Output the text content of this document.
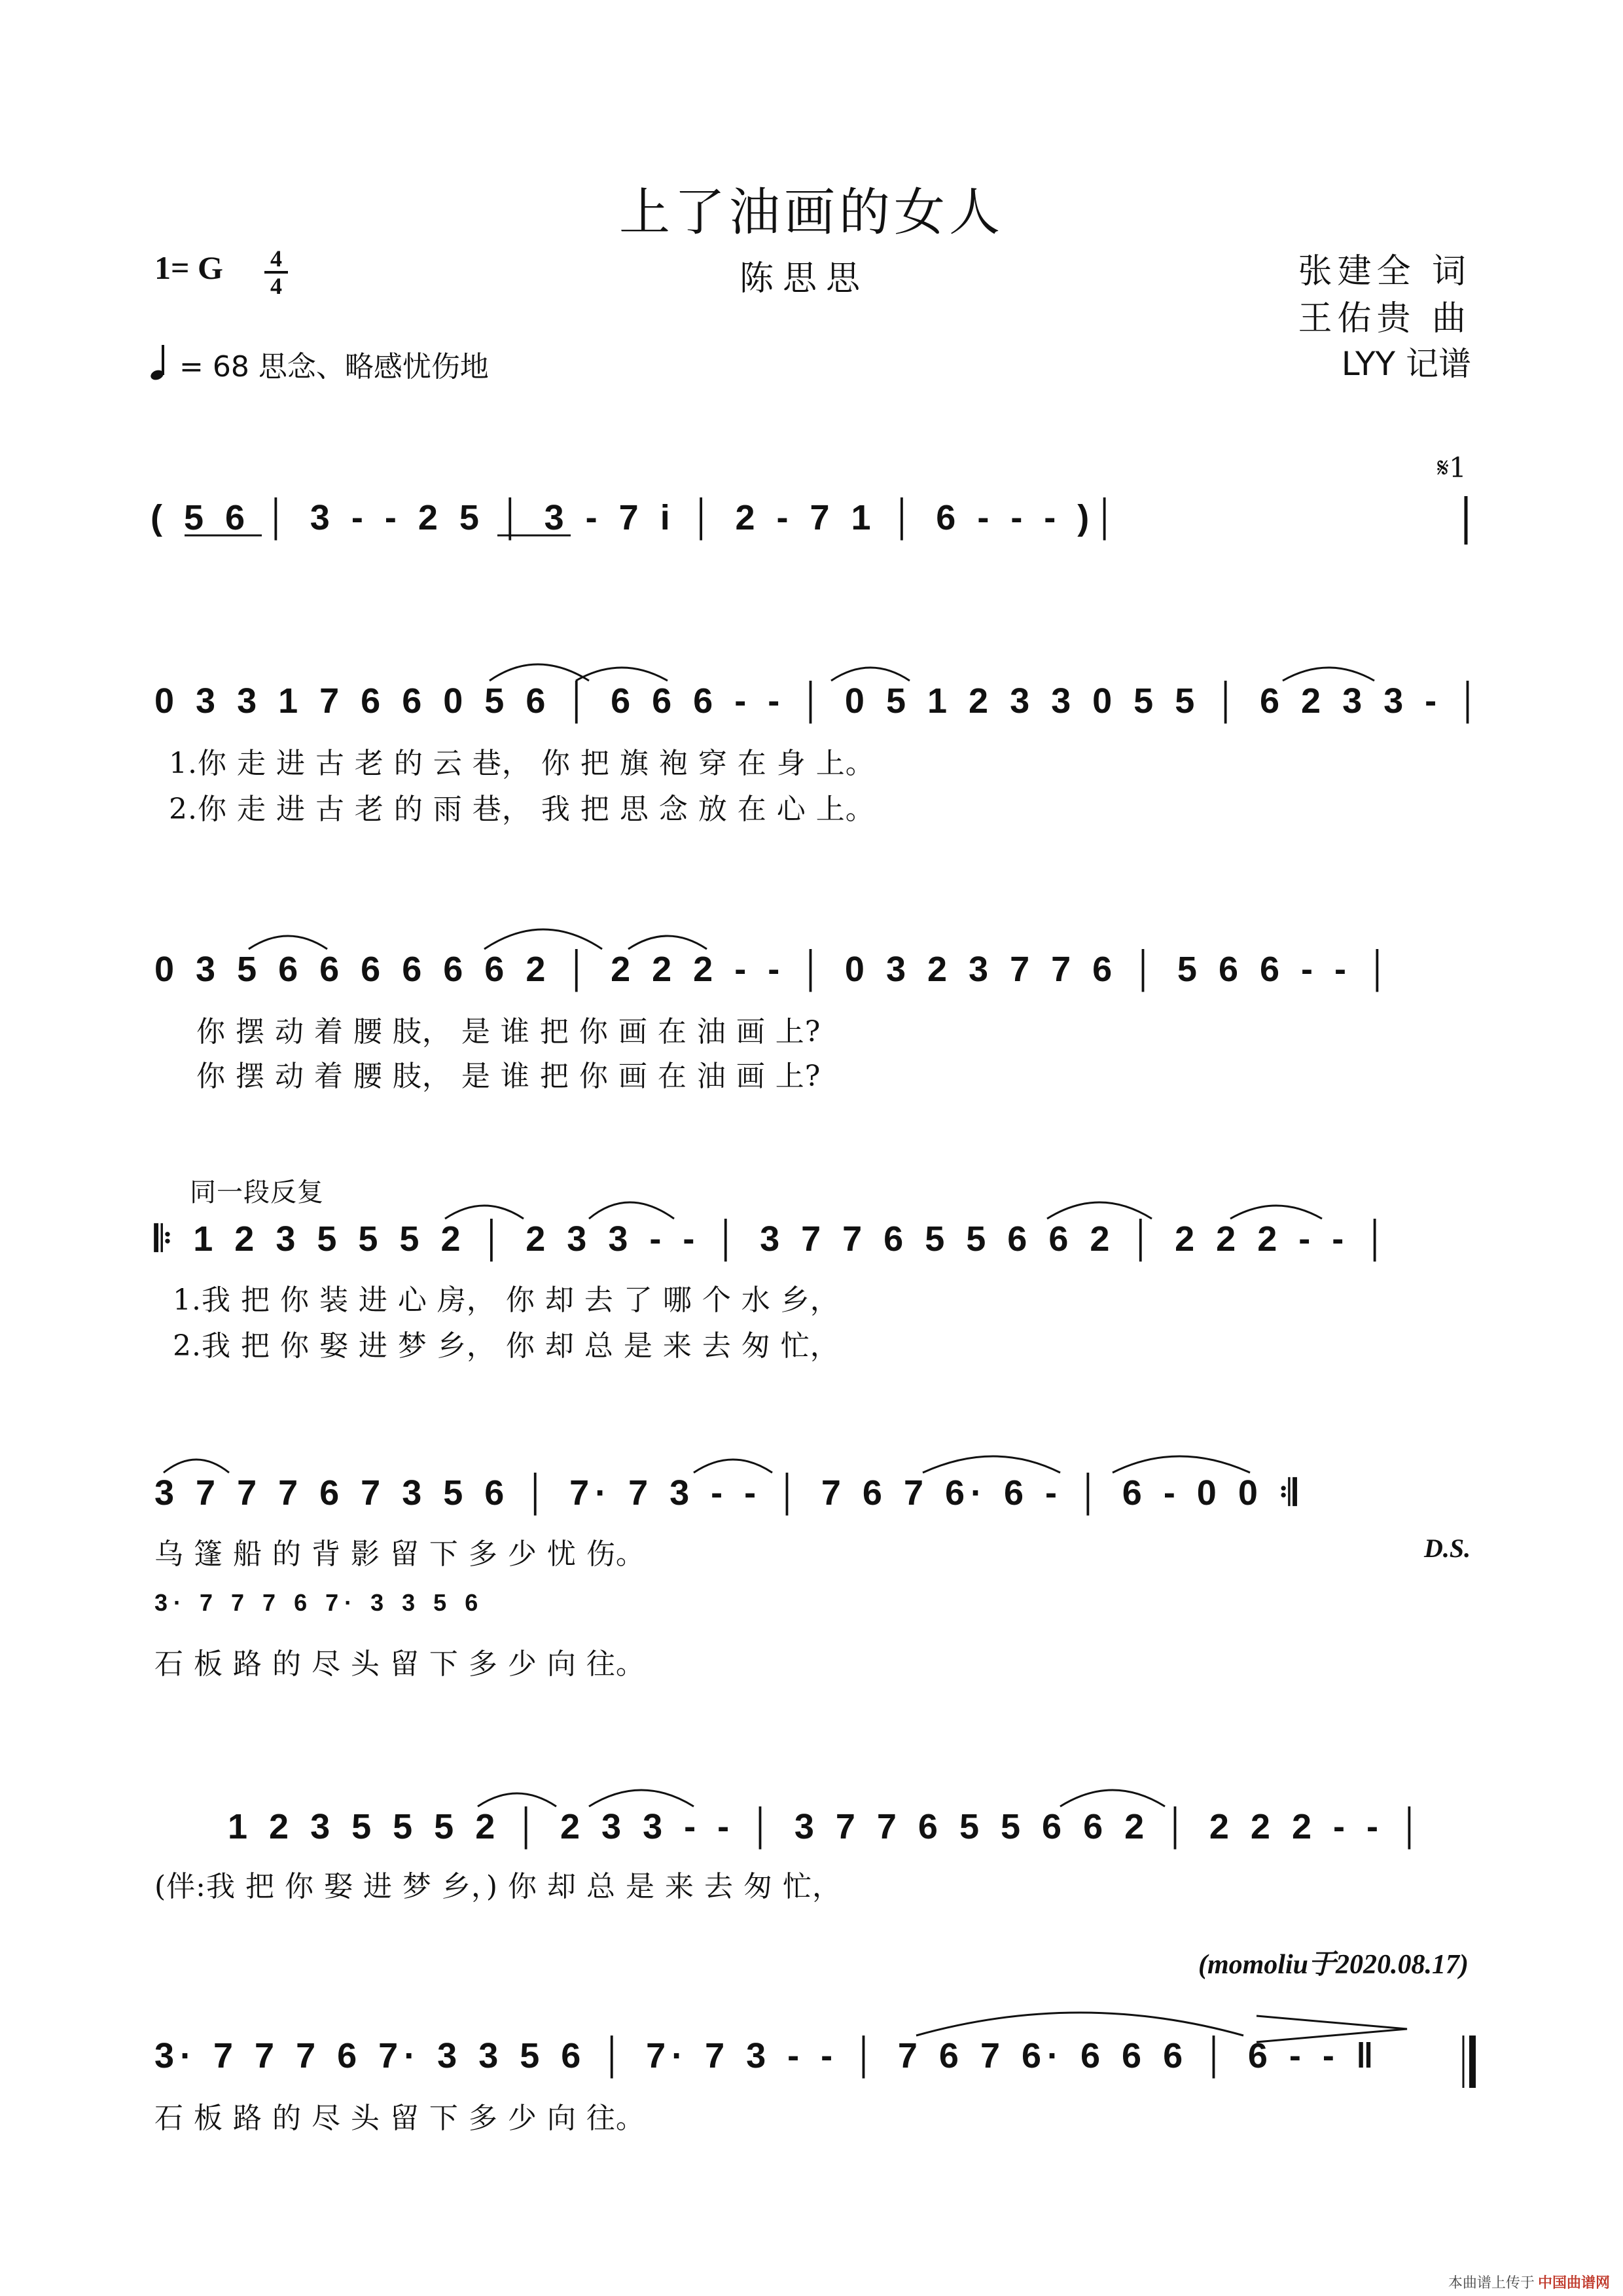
上了油画的女人
1= G	4
4	陈思思	张建全 词
王佑贵 曲
LYY 记谱
= 68 思念、略感忧伤地
( 5 6 │ 3 - - 2 5 │ 3 - 7 i │ 2 - 7 1 │ 6 - - - )│
𝄋1
0 3 3 1 7 6 6 0 5 6 │ 6 6 6 - - │ 0 5 1 2 3 3 0 5 5 │ 6 2 3 3 - │
1.你 走 进 古 老 的 云 巷， 你 把 旗 袍 穿 在 身 上。
2.你 走 进 古 老 的 雨 巷， 我 把 思 念 放 在 心 上。
0 3 5 6 6 6 6 6 6 2 │ 2 2 2 - - │ 0 3 2 3 7 7 6 │ 5 6 6 - - │
你 摆 动 着 腰 肢， 是 谁 把 你 画 在 油 画 上?
你 摆 动 着 腰 肢， 是 谁 把 你 画 在 油 画 上?
同一段反复
𝄆 1 2 3 5 5 5 2 │ 2 3 3 - - │ 3 7 7 6 5 5 6 6 2 │ 2 2 2 - - │
1.我 把 你 装 进 心 房， 你 却 去 了 哪 个 水 乡，
2.我 把 你 娶 进 梦 乡， 你 却 总 是 来 去 匆 忙，
3 7 7 7 6 7 3 5 6 │ 7· 7 3 - - │ 7 6 7 6· 6 - │ 6 - 0 0 𝄇
乌 篷 船 的 背 影 留 下 多 少 忧 伤。	D.S.
3· 7 7 7 6 7· 3 3 5 6
石 板 路 的 尽 头 留 下 多 少 向 往。
1 2 3 5 5 5 2 │ 2 3 3 - - │ 3 7 7 6 5 5 6 6 2 │ 2 2 2 - - │
(伴:我 把 你 娶 进 梦 乡，) 你 却 总 是 来 去 匆 忙，
(momoliu于2020.08.17)
3· 7 7 7 6 7· 3 3 5 6 │ 7· 7 3 - - │ 7 6 7 6· 6 6 6 │ 6 - - ‖
石 板 路 的 尽 头 留 下 多 少 向 往。
本曲谱上传于 中国曲谱网
